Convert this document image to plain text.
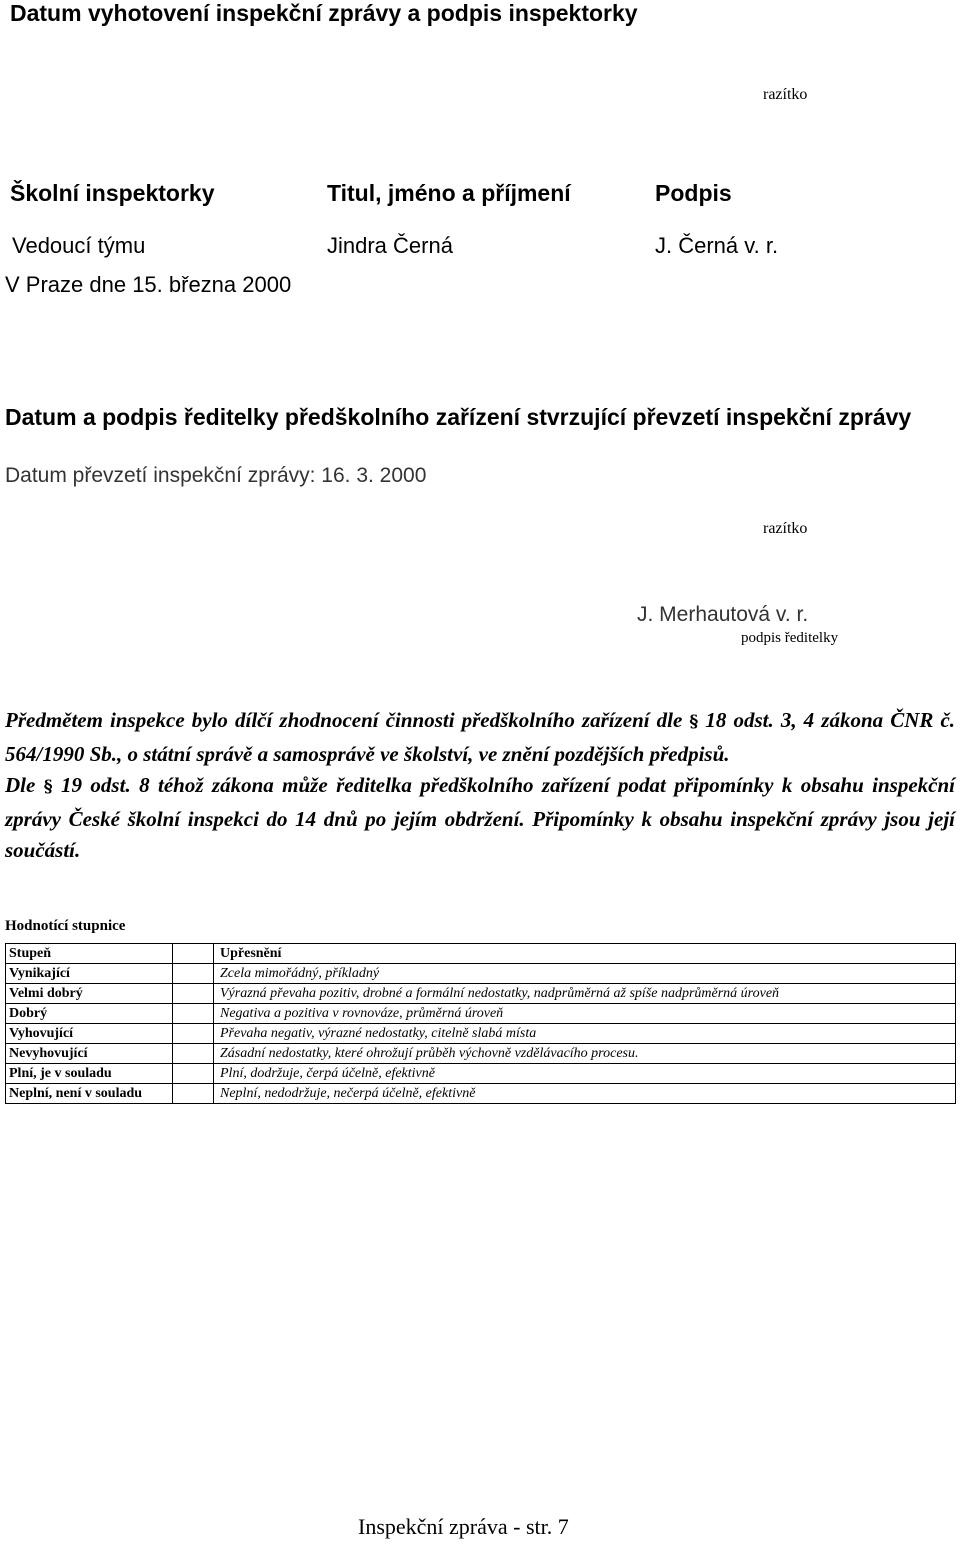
Datum vyhotovení inspekční zprávy a podpis inspektorky
razítko
Školní inspektorky	Titul, jméno a příjmení	Podpis
Vedoucí týmu	Jindra Černá	J. Černá v. r.
V Praze dne 15. března 2000
Datum a podpis ředitelky předškolního zařízení stvrzující převzetí inspekční zprávy
Datum převzetí inspekční zprávy: 16. 3. 2000
razítko
J. Merhautová v. r.
podpis ředitelky

Předmětem inspekce bylo dílčí zhodnocení činnosti předškolního zařízení dle § 18 odst. 3, 4 zákona ČNR č. 564/1990 Sb., o státní správě a samosprávě ve školství, ve znění pozdějších předpisů.

Dle § 19 odst. 8 téhož zákona může ředitelka předškolního zařízení podat připomínky k obsahu inspekční zprávy České školní inspekci do 14 dnů po jejím obdržení. Připomínky k obsahu inspekční zprávy jsou její součástí.

Hodnotící stupnice
Stupeň		Upřesnění
Vynikající		Zcela mimořádný, příkladný
Velmi dobrý		Výrazná převaha pozitiv, drobné a formální nedostatky, nadprůměrná až spíše nadprůměrná úroveň
Dobrý		Negativa a pozitiva v rovnováze, průměrná úroveň
Vyhovující		Převaha negativ, výrazné nedostatky, citelně slabá místa
Nevyhovující		Zásadní nedostatky, které ohrožují průběh výchovně vzdělávacího procesu.
Plní, je v souladu		Plní, dodržuje, čerpá účelně, efektivně
Neplní, není v souladu		Neplní, nedodržuje, nečerpá účelně, efektivně
Inspekční zpráva - str. 7
